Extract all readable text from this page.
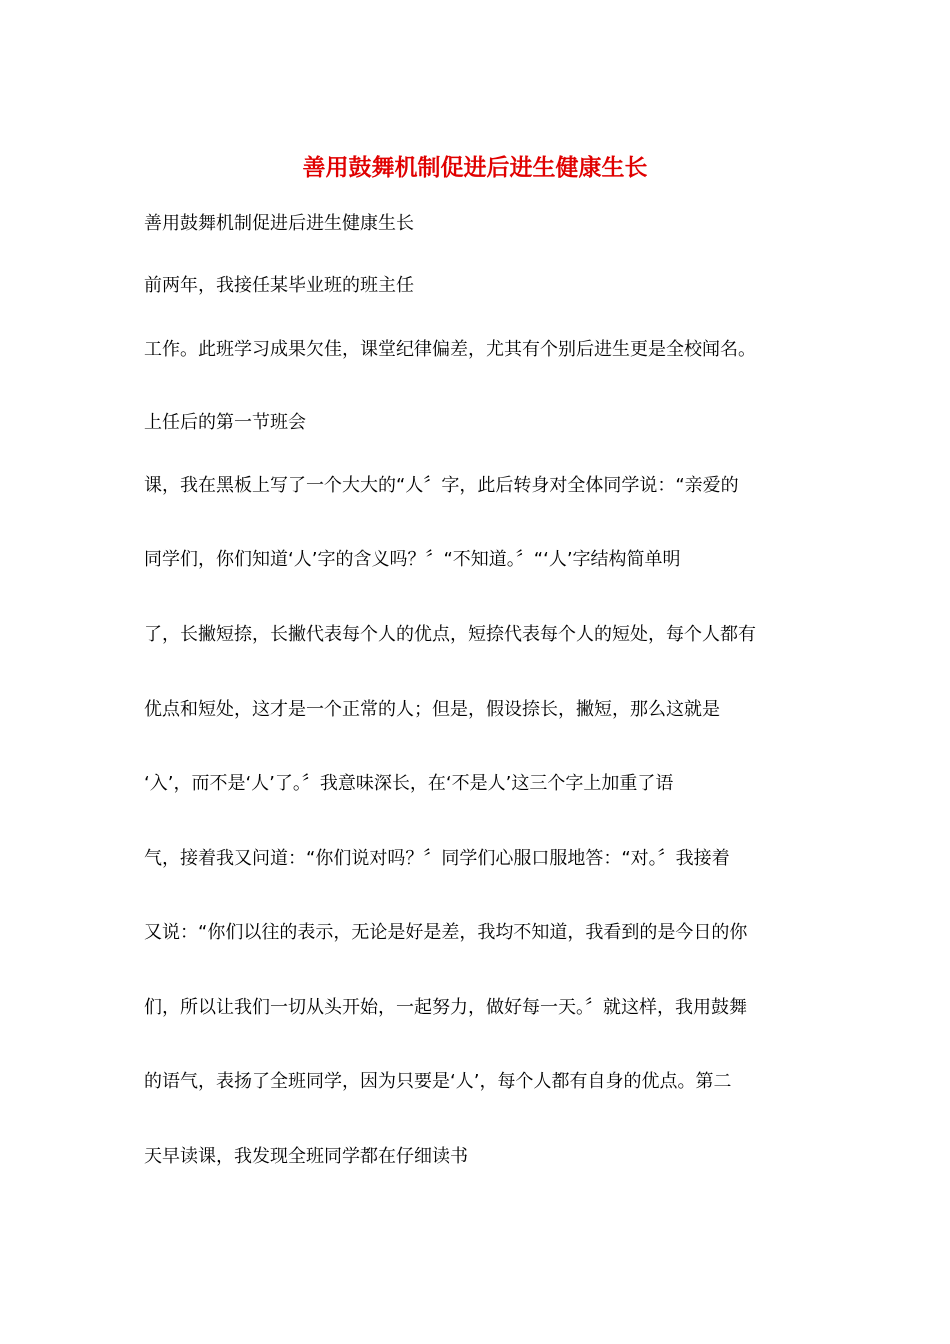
善用鼓舞机制促进后进生健康生长
善用鼓舞机制促进后进生健康生长
前两年，我接任某毕业班的班主任
工作。此班学习成果欠佳，课堂纪律偏差，尤其有个别后进生更是全校闻名。
上任后的第一节班会
课，我在黑板上写了一个大大的“人〞字，此后转身对全体同学说：“亲爱的
同学们，你们知道‘人’字的含义吗？〞“不知道。〞“‘人’字结构简单明
了，长撇短捺，长撇代表每个人的优点，短捺代表每个人的短处，每个人都有
优点和短处，这才是一个正常的人；但是，假设捺长，撇短，那么这就是
‘入’，而不是‘人’了。〞我意味深长，在‘不是人’这三个字上加重了语
气，接着我又问道：“你们说对吗？〞同学们心服口服地答：“对。〞我接着
又说：“你们以往的表示，无论是好是差，我均不知道，我看到的是今日的你
们，所以让我们一切从头开始，一起努力，做好每一天。〞就这样，我用鼓舞
的语气，表扬了全班同学，因为只要是‘人’，每个人都有自身的优点。第二
天早读课，我发现全班同学都在仔细读书
